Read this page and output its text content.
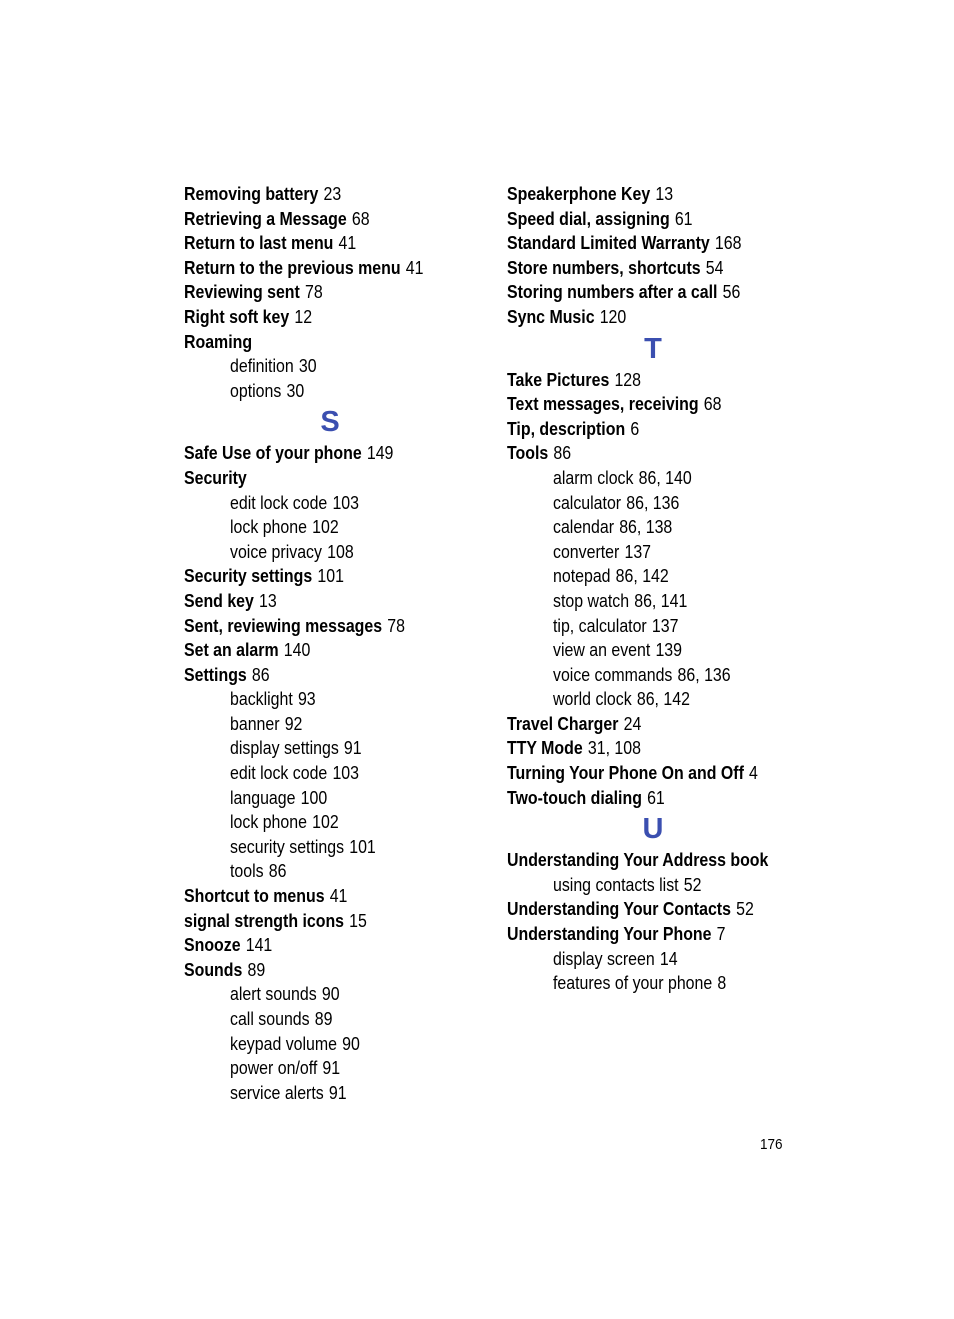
Removing battery 23
Retrieving a Message 68
Return to last menu 41
Return to the previous menu 41
Reviewing sent 78
Right soft key 12
Roaming
definition 30
options 30
S
Safe Use of your phone 149
Security
edit lock code 103
lock phone 102
voice privacy 108
Security settings 101
Send key 13
Sent, reviewing messages 78
Set an alarm 140
Settings 86
backlight 93
banner 92
display settings 91
edit lock code 103
language 100
lock phone 102
security settings 101
tools 86
Shortcut to menus 41
signal strength icons 15
Snooze 141
Sounds 89
alert sounds 90
call sounds 89
keypad volume 90
power on/off 91
service alerts 91
Speakerphone Key 13
Speed dial, assigning 61
Standard Limited Warranty 168
Store numbers, shortcuts 54
Storing numbers after a call 56
Sync Music 120
T
Take Pictures 128
Text messages, receiving 68
Tip, description 6
Tools 86
alarm clock 86, 140
calculator 86, 136
calendar 86, 138
converter 137
notepad 86, 142
stop watch 86, 141
tip, calculator 137
view an event 139
voice commands 86, 136
world clock 86, 142
Travel Charger 24
TTY Mode 31, 108
Turning Your Phone On and Off 4
Two-touch dialing 61
U
Understanding Your Address book
using contacts list 52
Understanding Your Contacts 52
Understanding Your Phone 7
display screen 14
features of your phone 8
176
